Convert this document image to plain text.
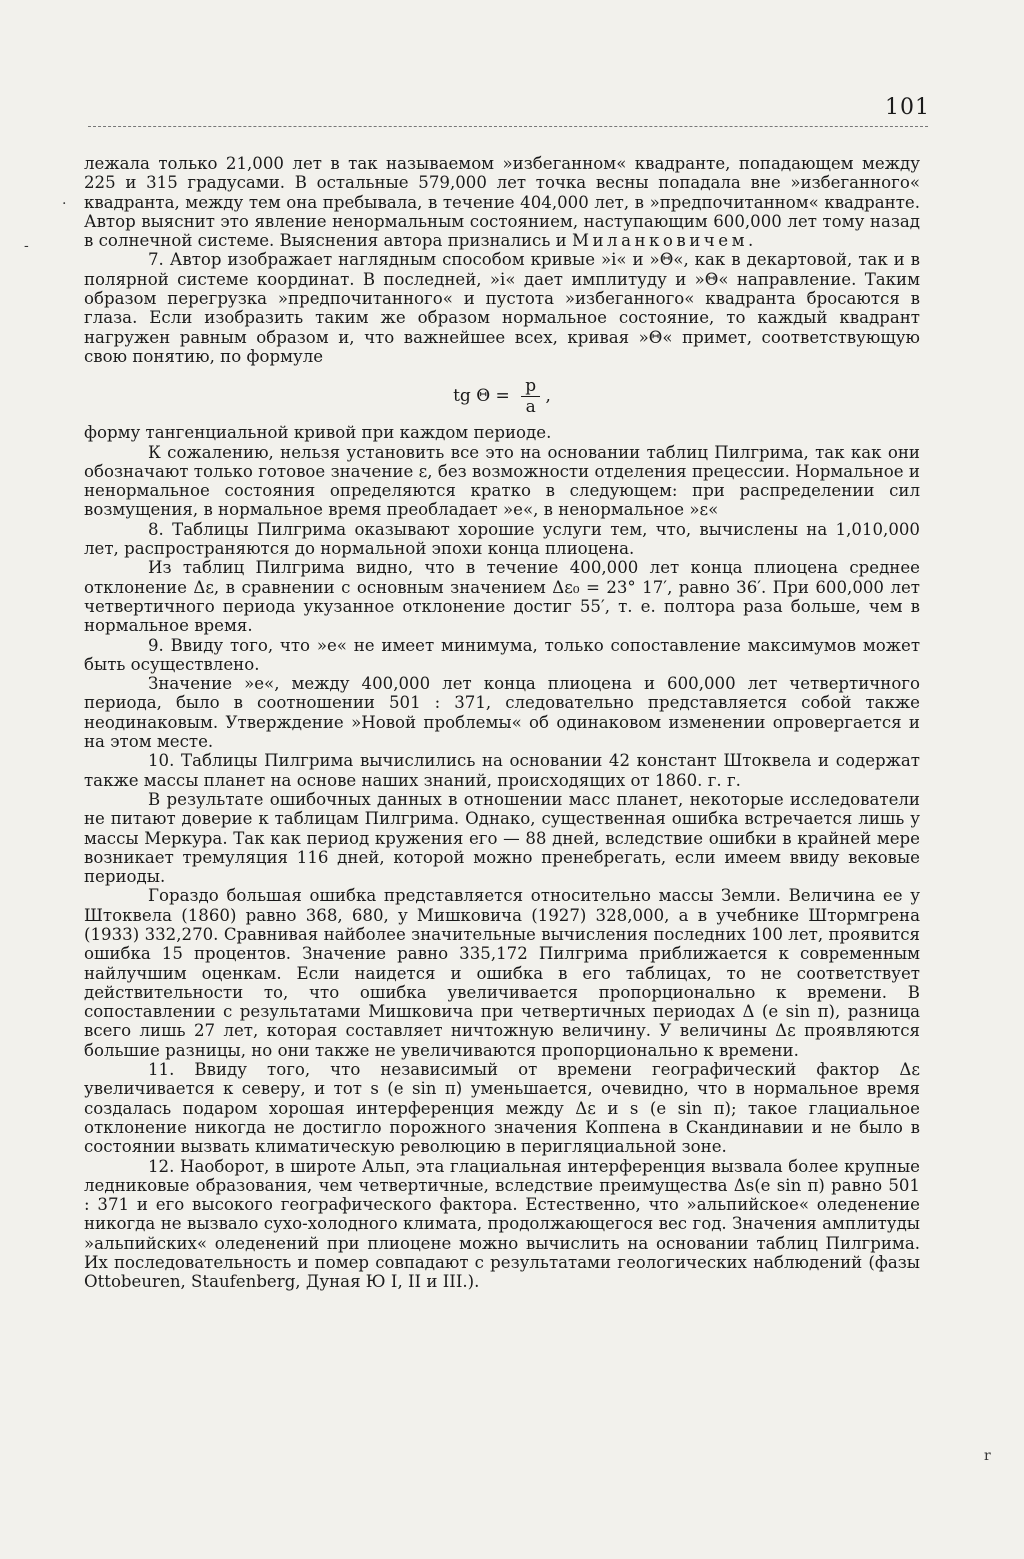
101

лежала только 21,000 лет в так называемом »избеганном« квадранте, попадающем между 225 и 315 градусами. В остальные 579,000 лет точка весны попадала вне »избеганного« квадранта, между тем она пребывала, в течение 404,000 лет, в »предпочитанном« квадранте. Автор выяснит это явление ненормальным состоянием, наступающим 600,000 лет тому назад в солнечной системе. Выяснения автора признались и Миланковичем.

7. Автор изображает наглядным способом кривые »i« и »Θ«, как в декартовой, так и в полярной системе координат. В последней, »i« дает имплитуду и »Θ« направление. Таким образом перегрузка »предпочитанного« и пустота »избеганного« квадранта бросаются в глаза. Если изобразить таким же образом нормальное состояние, то каждый квадрант нагружен равным образом и, что важнейшее всех, кривая »Θ« примет, соответствующую свою понятию, по формуле

tg $\Theta = \frac{p}{a}$ ,

форму тангенциальной кривой при каждом периоде.

К сожалению, нельзя установить все это на основании таблиц Пилгрима, так как они обозначают только готовое значение ε, без возможности отделения прецессии. Нормальное и ненормальное состояния определяются кратко в следующем: при распределении сил возмущения, в нормальное время преобладает »e«, в ненормальное »ε«

8. Таблицы Пилгрима оказывают хорошие услуги тем, что, вычислены на 1,010,000 лет, распространяются до нормальной эпохи конца плиоцена.

Из таблиц Пилгрима видно, что в течение 400,000 лет конца плиоцена среднее отклонение Δε, в сравнении с основным значением Δε₀ = 23° 17′, равно 36′. При 600,000 лет четвертичного периода укузанное отклонение достиг 55′, т. е. полтора раза больше, чем в нормальное время.

9. Ввиду того, что »e« не имеет минимума, только сопоставление максимумов может быть осуществлено.

Значение »e«, между 400,000 лет конца плиоцена и 600,000 лет четвертичного периода, было в соотношении 501 : 371, следовательно представляется собой также неодинаковым. Утверждение »Новой проблемы« об одинаковом изменении опровергается и на этом месте.

10. Таблицы Пилгрима вычислились на основании 42 констант Штоквела и содержат также массы планет на основе наших знаний, происходящих от 1860. г. г.

В результате ошибочных данных в отношении масс планет, некоторые исследователи не питают доверие к таблицам Пилгрима. Однако, существенная ошибка встречается лишь у массы Меркура. Так как период кружения его — 88 дней, вследствие ошибки в крайней мере возникает тремуляция 116 дней, которой можно пренебрегать, если имеем ввиду вековые периоды.

Гораздо большая ошибка представляется относительно массы Земли. Величина ее у Штоквела (1860) равно 368, 680, у Мишковича (1927) 328,000, а в учебнике Штормгрена (1933) 332,270. Сравнивая найболее значительные вычисления последних 100 лет, проявится ошибка 15 процентов. Значение равно 335,172 Пилгрима приближается к современным найлучшим оценкам. Если наидется и ошибка в его таблицах, то не соответствует действительности то, что ошибка увеличивается пропорционально к времени. В сопоставлении с результатами Мишковича при четвертичных периодах Δ (e sin π), разница всего лишь 27 лет, которая составляет ничтожную величину. У величины Δε проявляются большие разницы, но они также не увеличиваются пропорционально к времени.

11. Ввиду того, что независимый от времени географический фактор Δε увеличивается к северу, и тот s (e sin π) уменьшается, очевидно, что в нормальное время создалась подаром хорошая интерференция между Δε и s (e sin π); такое глациальное отклонение никогда не достигло порожного значения Коппена в Скандинавии и не было в состоянии вызвать климатическую революцию в перигляциальной зоне.

12. Наоборот, в широте Альп, эта глациальная интерференция вызвала более крупные ледниковые образования, чем четвертичные, вследствие преимущества Δs(e sin π) равно 501 : 371 и его высокого географического фактора. Естественно, что »альпийское« оледенение никогда не вызвало сухо-холодного климата, продолжающегося вес год. Значения амплитуды »альпийских« оледенений при плиоцене можно вычислить на основании таблиц Пилгрима. Их последовательность и помер совпадают с результатами геологических наблюдений (фазы Ottobeuren, Staufenberg, Дуная Ю I, II и III.).

.
-
r
